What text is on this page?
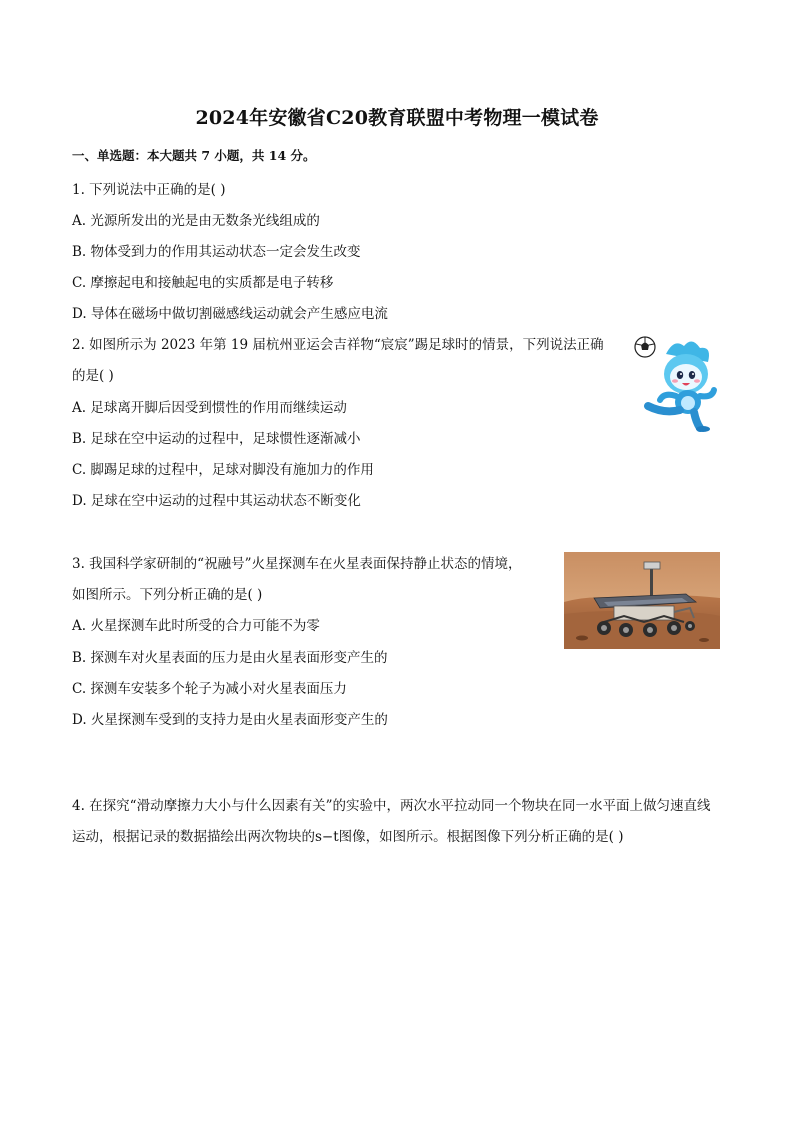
2024年安徽省C20教育联盟中考物理一模试卷
一、单选题：本大题共 7 小题，共 14 分。
1. 下列说法中正确的是( )
A. 光源所发出的光是由无数条光线组成的
B. 物体受到力的作用其运动状态一定会发生改变
C. 摩擦起电和接触起电的实质都是电子转移
D. 导体在磁场中做切割磁感线运动就会产生感应电流
2. 如图所示为 2023 年第 19 届杭州亚运会吉祥物“宸宸”踢足球时的情景，下列说法正确
的是( )
A. 足球离开脚后因受到惯性的作用而继续运动
B. 足球在空中运动的过程中，足球惯性逐渐减小
C. 脚踢足球的过程中，足球对脚没有施加力的作用
D. 足球在空中运动的过程中其运动状态不断变化
3. 我国科学家研制的“祝融号”火星探测车在火星表面保持静止状态的情境，
如图所示。下列分析正确的是( )
A. 火星探测车此时所受的合力可能不为零
B. 探测车对火星表面的压力是由火星表面形变产生的
C. 探测车安装多个轮子为减小对火星表面压力
D. 火星探测车受到的支持力是由火星表面形变产生的
4. 在探究“滑动摩擦力大小与什么因素有关”的实验中，两次水平拉动同一个物块在同一水平面上做匀速直线运动，根据记录的数据描绘出两次物块的s−t图像，如图所示。根据图像下列分析正确的是( )
